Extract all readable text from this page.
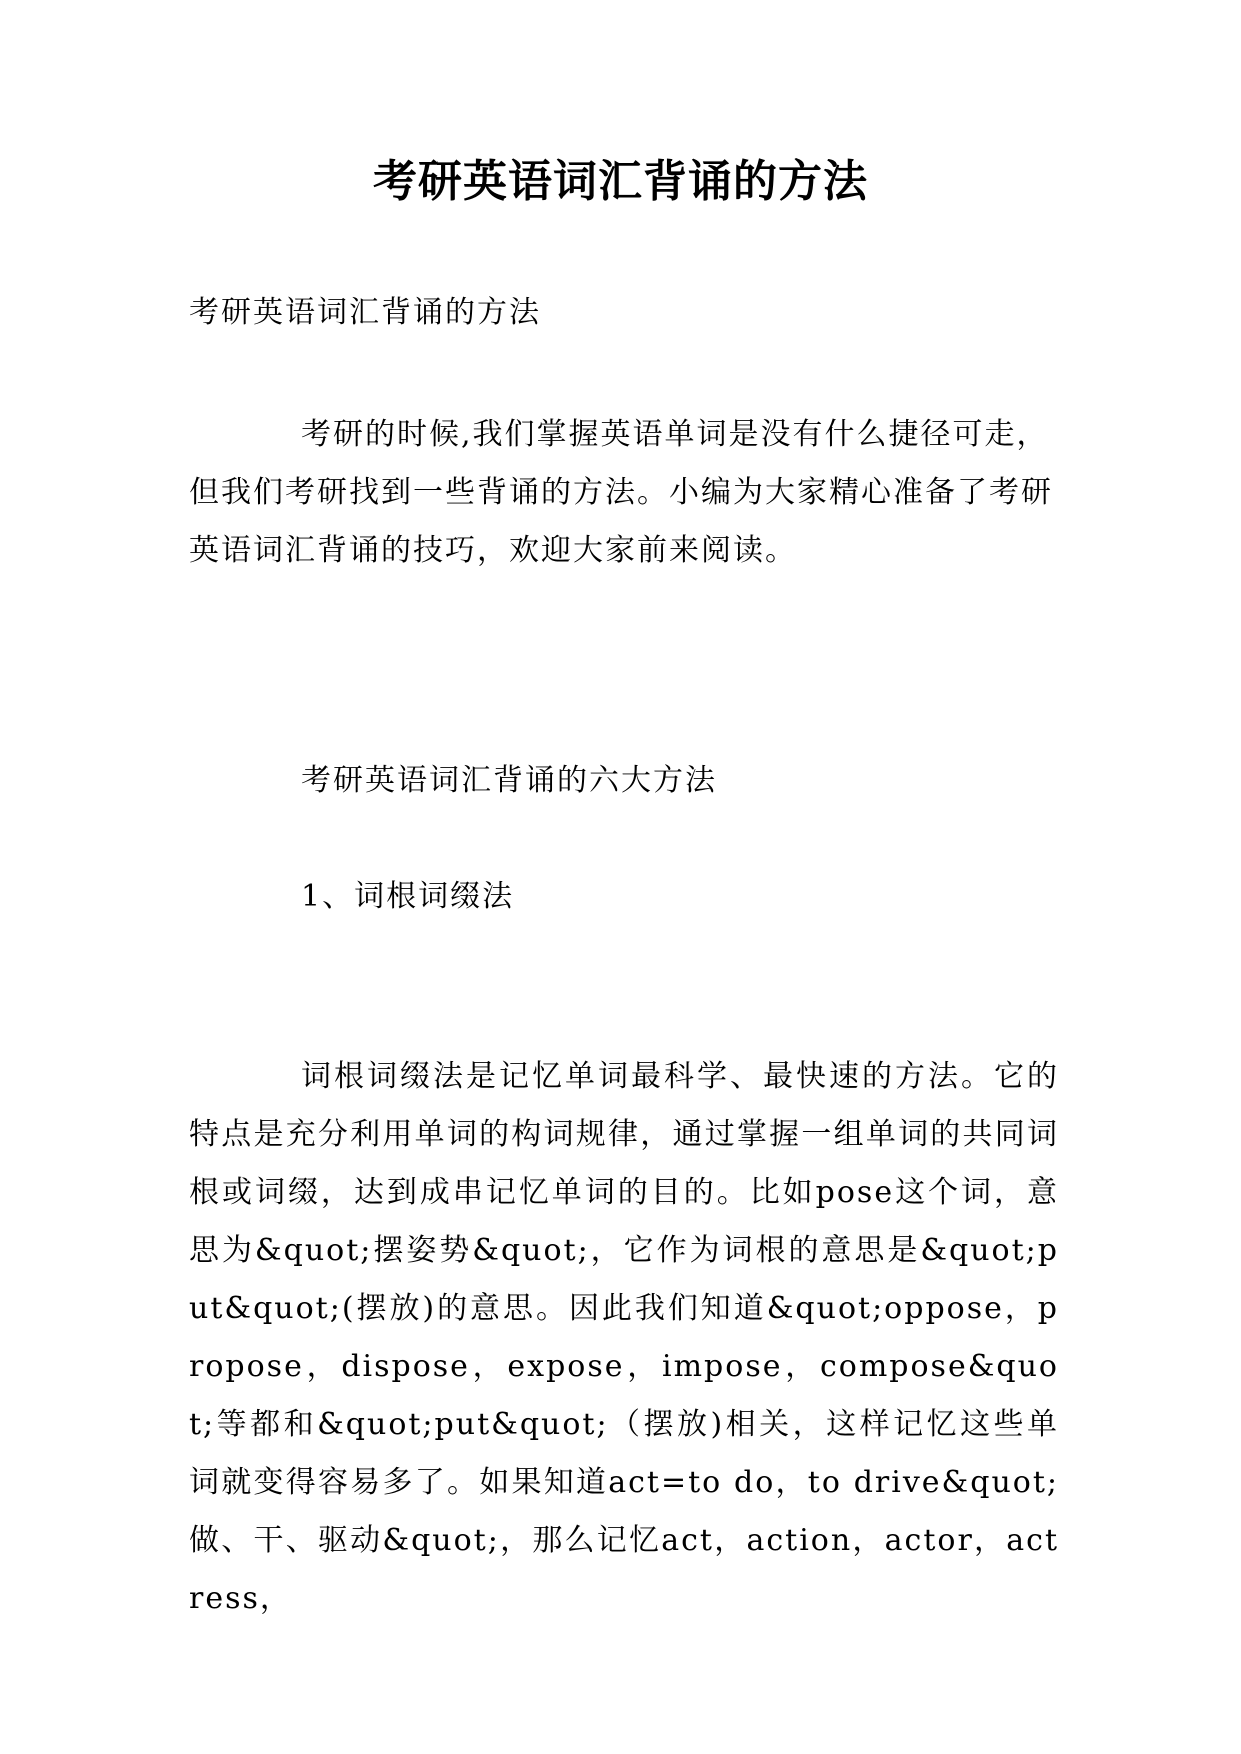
考研英语词汇背诵的方法
考研英语词汇背诵的方法
考研的时候,我们掌握英语单词是没有什么捷径可走，但我们考研找到一些背诵的方法。小编为大家精心准备了考研英语词汇背诵的技巧，欢迎大家前来阅读。
考研英语词汇背诵的六大方法
1、词根词缀法
词根词缀法是记忆单词最科学、最快速的方法。它的特点是充分利用单词的构词规律，通过掌握一组单词的共同词根或词缀，达到成串记忆单词的目的。比如pose这个词，意思为&quot;摆姿势&quot;，它作为词根的意思是&quot;put&quot;(摆放)的意思。因此我们知道&quot;oppose，propose，dispose，expose，impose，compose&quot;等都和&quot;put&quot;（摆放)相关，这样记忆这些单词就变得容易多了。如果知道act=to do，to drive&quot;做、干、驱动&quot;，那么记忆act，action，actor，actress，
